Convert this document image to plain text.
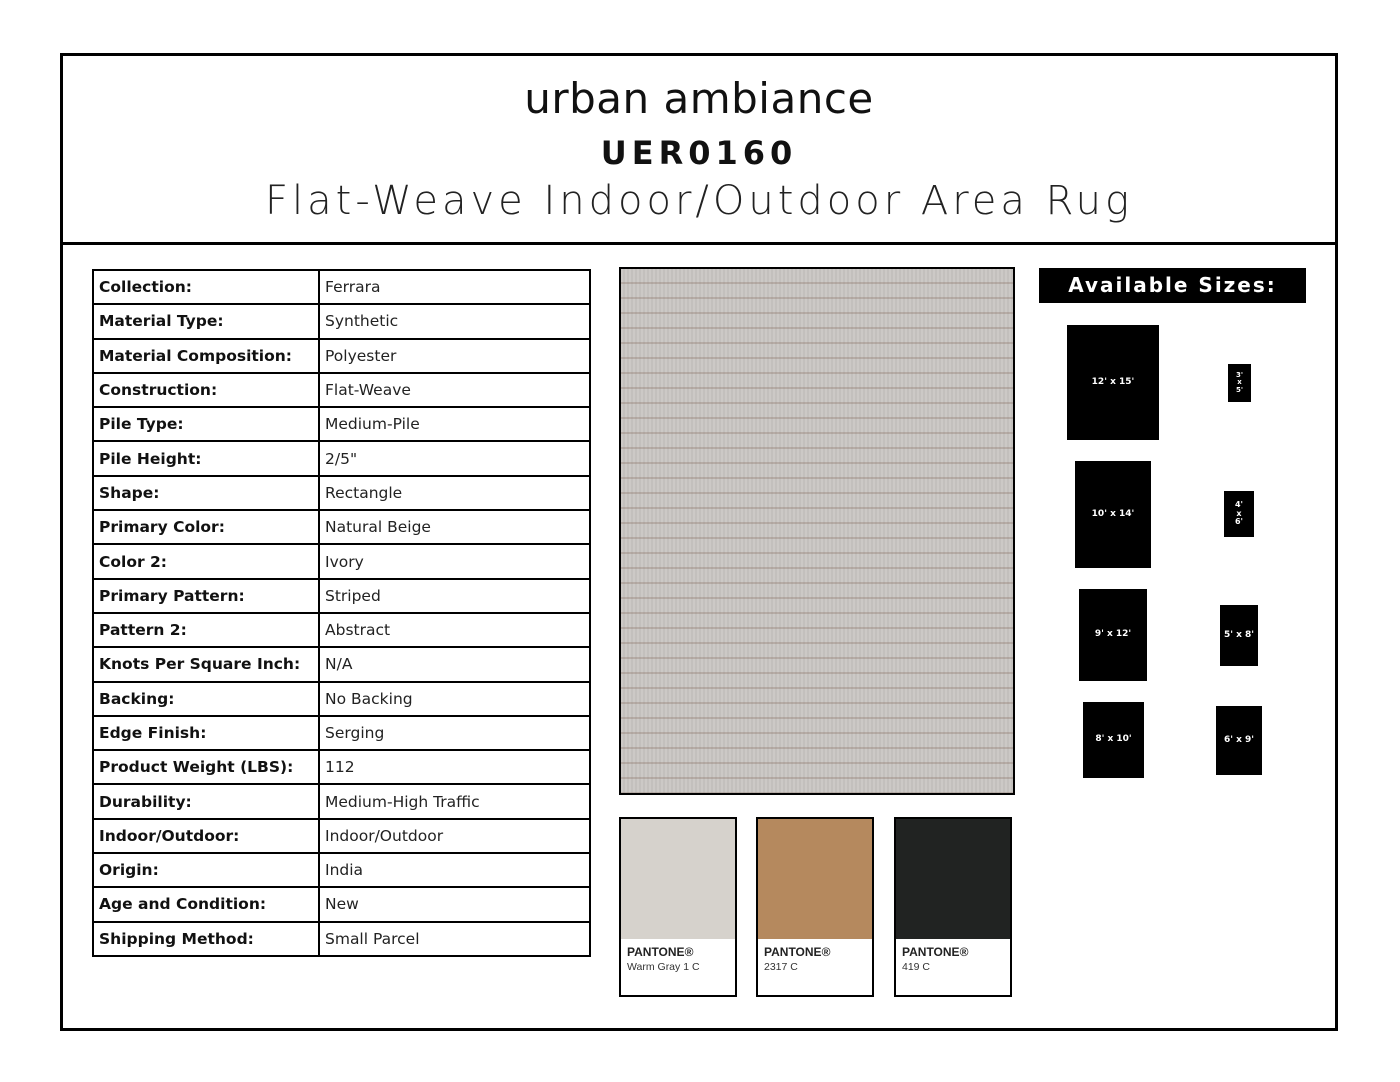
urban ambiance
UER0160
Flat-Weave Indoor/Outdoor Area Rug
Collection:	Ferrara
Material Type:	Synthetic
Material Composition:	Polyester
Construction:	Flat-Weave
Pile Type:	Medium-Pile
Pile Height:	2/5"
Shape:	Rectangle
Primary Color:	Natural Beige
Color 2:	Ivory
Primary Pattern:	Striped
Pattern 2:	Abstract
Knots Per Square Inch:	N/A
Backing:	No Backing
Edge Finish:	Serging
Product Weight (LBS):	112
Durability:	Medium-High Traffic
Indoor/Outdoor:	Indoor/Outdoor
Origin:	India
Age and Condition:	New
Shipping Method:	Small Parcel
PANTONE®
Warm Gray 1 C
PANTONE®
2317 C
PANTONE®
419 C
Available Sizes:
12' x 15'
10' x 14'
9' x 12'
8' x 10'
3'
x
5'
4'
x
6'
5' x 8'
6' x 9'
